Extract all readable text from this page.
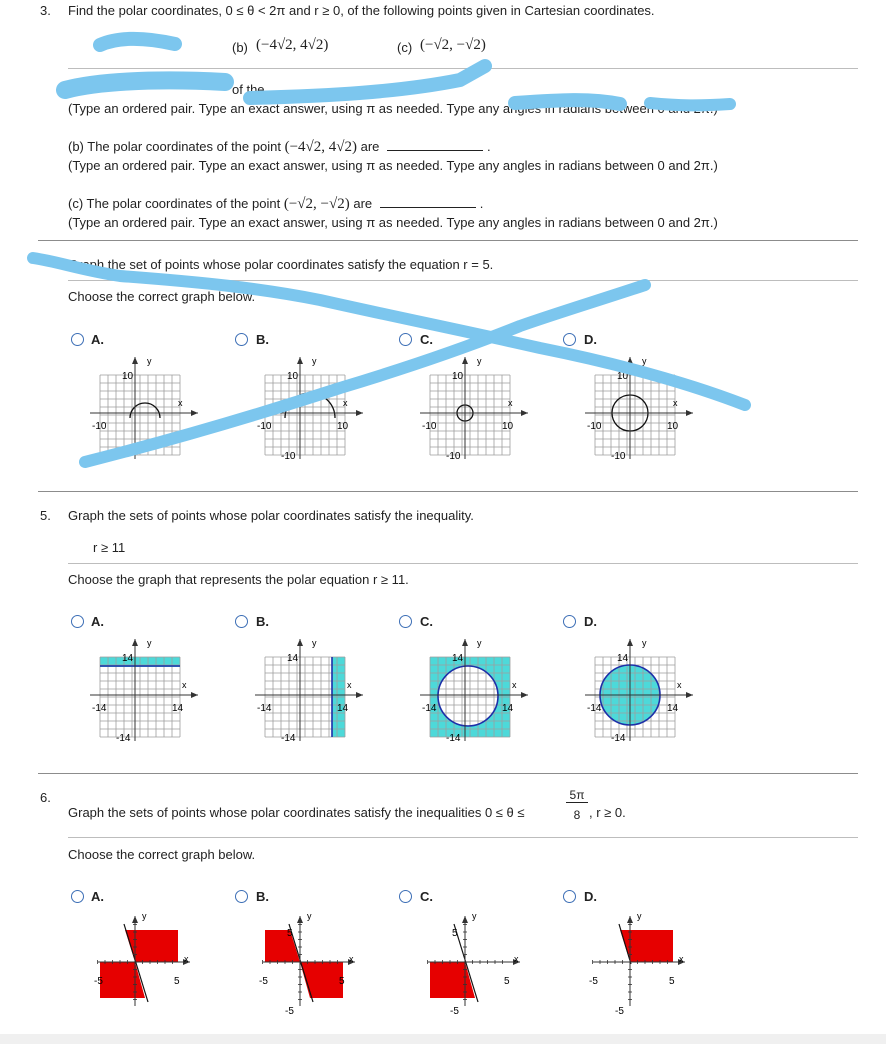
3. Find the polar coordinates, 0 ≤ θ < 2π and r ≥ 0, of the following points given in Cartesian coordinates.
(b) (−4√2, 4√2)	(c) (−√2, −√2)
of the
(Type an ordered pair. Type an exact answer, using π as needed. Type any angles in radians between 0 and 2π.)
(b) The polar coordinates of the point (−4√2, 4√2) are	.
(Type an ordered pair. Type an exact answer, using π as needed. Type any angles in radians between 0 and 2π.)
(c) The polar coordinates of the point (−√2, −√2) are	.
(Type an ordered pair. Type an exact answer, using π as needed. Type any angles in radians between 0 and 2π.)
Graph the set of points whose polar coordinates satisfy the equation r = 5.
Choose the correct graph below.
A.	B.	C.	D.
10
-10
x
y
10
-10	10
-10
x
y
10
-10	10
-10
x
y
10
-10	10
-10
x
y
5. Graph the sets of points whose polar coordinates satisfy the inequality.
r ≥ 11
Choose the graph that represents the polar equation r ≥ 11.
A.	B.	C.	D.
14
-14	14
-14
x
y
14
-14	14
-14
x
y
14
-14	14
-14
x
y
14
-14	14
-14
x
y
6.
Graph the sets of points whose polar coordinates satisfy the inequalities 0 ≤ θ ≤
5π
8 , r ≥ 0.
Choose the correct graph below.
A.	B.	C.	D.
-5	5
x
y
5
-5	5
-5
x
y
5
5
-5
x
y
-5	5
-5
x
y
